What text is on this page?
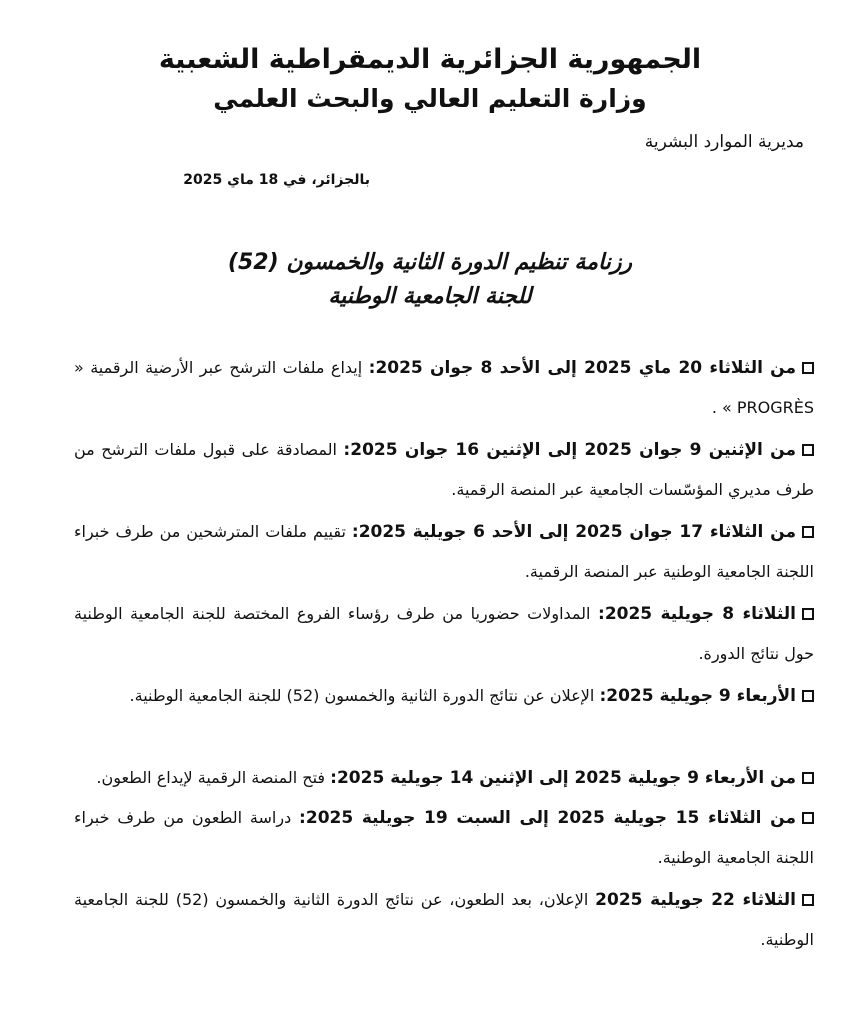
الجمهورية الجزائرية الديمقراطية الشعبية
وزارة التعليم العالي والبحث العلمي
مديرية الموارد البشرية
بالجزائر، في 18 ماي 2025
رزنامة تنظيم الدورة الثانية والخمسون (52)
للجنة الجامعية الوطنية
من الثلاثاء 20 ماي 2025 إلى الأحد 8 جوان 2025: إيداع ملفات الترشح عبر الأرضية الرقمية « PROGRÈS » .
من الإثنين 9 جوان 2025 إلى الإثنين 16 جوان 2025: المصادقة على قبول ملفات الترشح من طرف مديري المؤسّسات الجامعية عبر المنصة الرقمية.
من الثلاثاء 17 جوان 2025 إلى الأحد 6 جويلية 2025: تقييم ملفات المترشحين من طرف خبراء اللجنة الجامعية الوطنية عبر المنصة الرقمية.
الثلاثاء 8 جويلية 2025: المداولات حضوريا من طرف رؤساء الفروع المختصة للجنة الجامعية الوطنية حول نتائج الدورة.
الأربعاء 9 جويلية 2025: الإعلان عن نتائج الدورة الثانية والخمسون (52) للجنة الجامعية الوطنية.
من الأربعاء 9 جويلية 2025 إلى الإثنين 14 جويلية 2025: فتح المنصة الرقمية لإيداع الطعون.
من الثلاثاء 15 جويلية 2025 إلى السبت 19 جويلية 2025: دراسة الطعون من طرف خبراء اللجنة الجامعية الوطنية.
الثلاثاء 22 جويلية 2025 الإعلان، بعد الطعون، عن نتائج الدورة الثانية والخمسون (52) للجنة الجامعية الوطنية.
